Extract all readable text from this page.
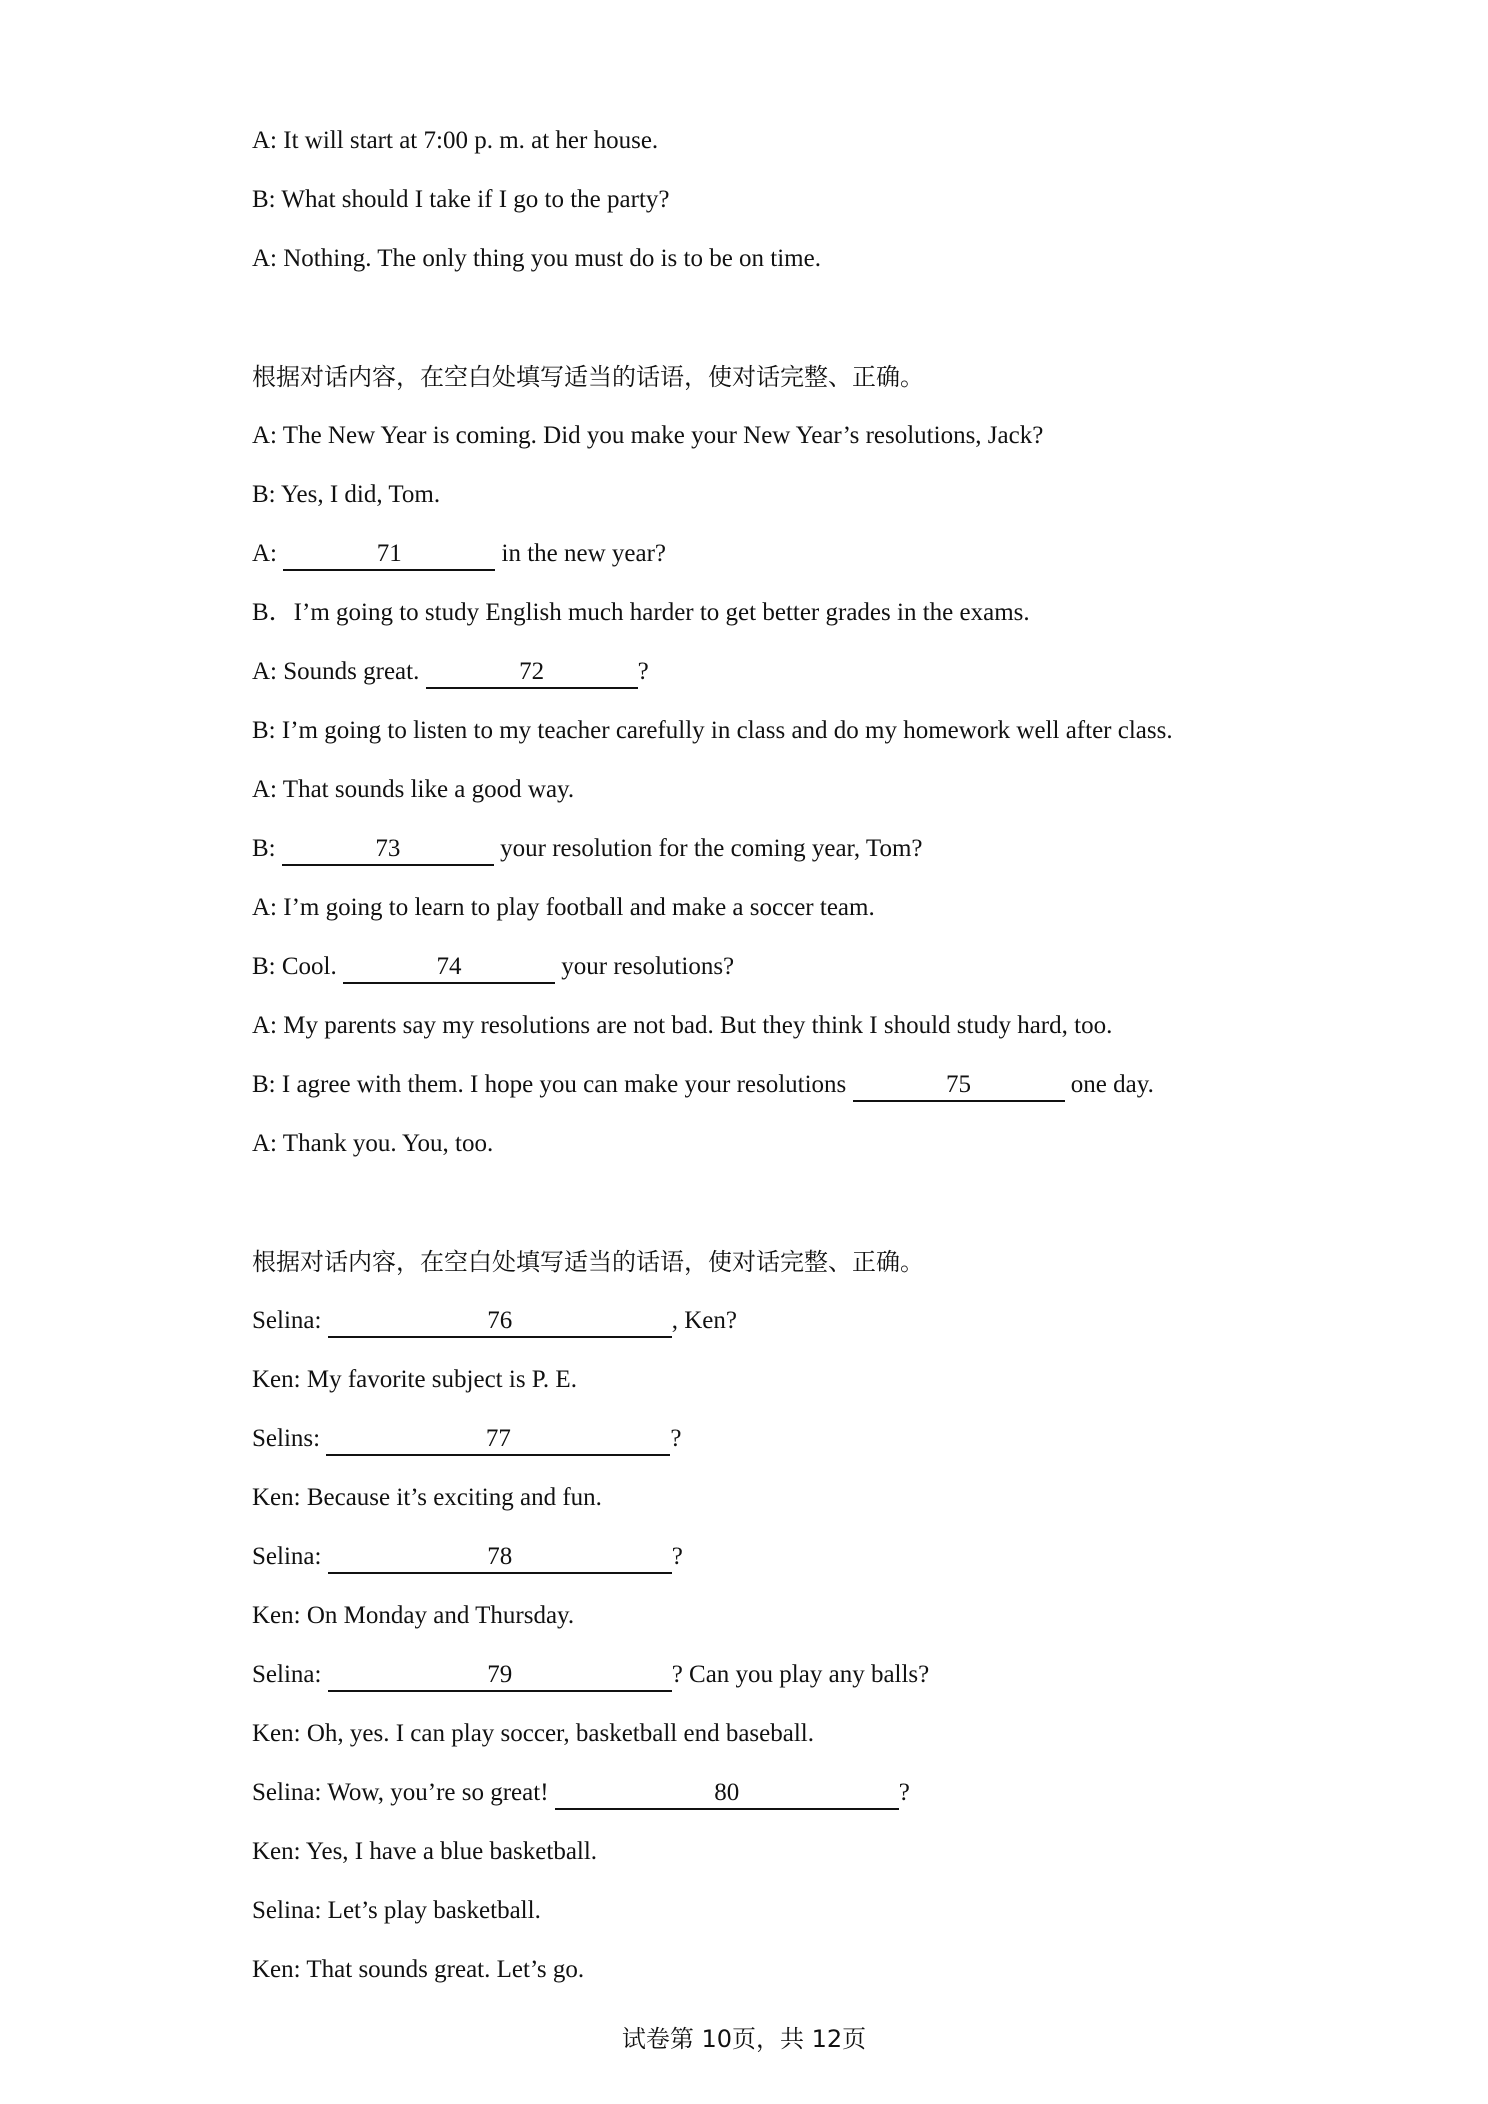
A: It will start at 7:00 p. m. at her house.
B: What should I take if I go to the party?
A: Nothing. The only thing you must do is to be on time.
根据对话内容，在空白处填写适当的话语，使对话完整、正确。
A: The New Year is coming. Did you make your New Year’s resolutions, Jack?
B: Yes, I did, Tom.
A:	71	in the new year?
B．I’m going to study English much harder to get better grades in the exams.
A: Sounds great.	72	?
B: I’m going to listen to my teacher carefully in class and do my homework well after class.
A: That sounds like a good way.
B:	73	your resolution for the coming year, Tom?
A: I’m going to learn to play football and make a soccer team.
B: Cool.	74	your resolutions?
A: My parents say my resolutions are not bad. But they think I should study hard, too.
B: I agree with them. I hope you can make your resolutions	75	one day.
A: Thank you. You, too.
根据对话内容，在空白处填写适当的话语，使对话完整、正确。
Selina:	76	, Ken?
Ken: My favorite subject is P. E.
Selins:	77	?
Ken: Because it’s exciting and fun.
Selina:	78	?
Ken: On Monday and Thursday.
Selina:	79	? Can you play any balls?
Ken: Oh, yes. I can play soccer, basketball end baseball.
Selina: Wow, you’re so great!	80	?
Ken: Yes, I have a blue basketball.
Selina: Let’s play basketball.
Ken: That sounds great. Let’s go.
试卷第 10页，共 12页
